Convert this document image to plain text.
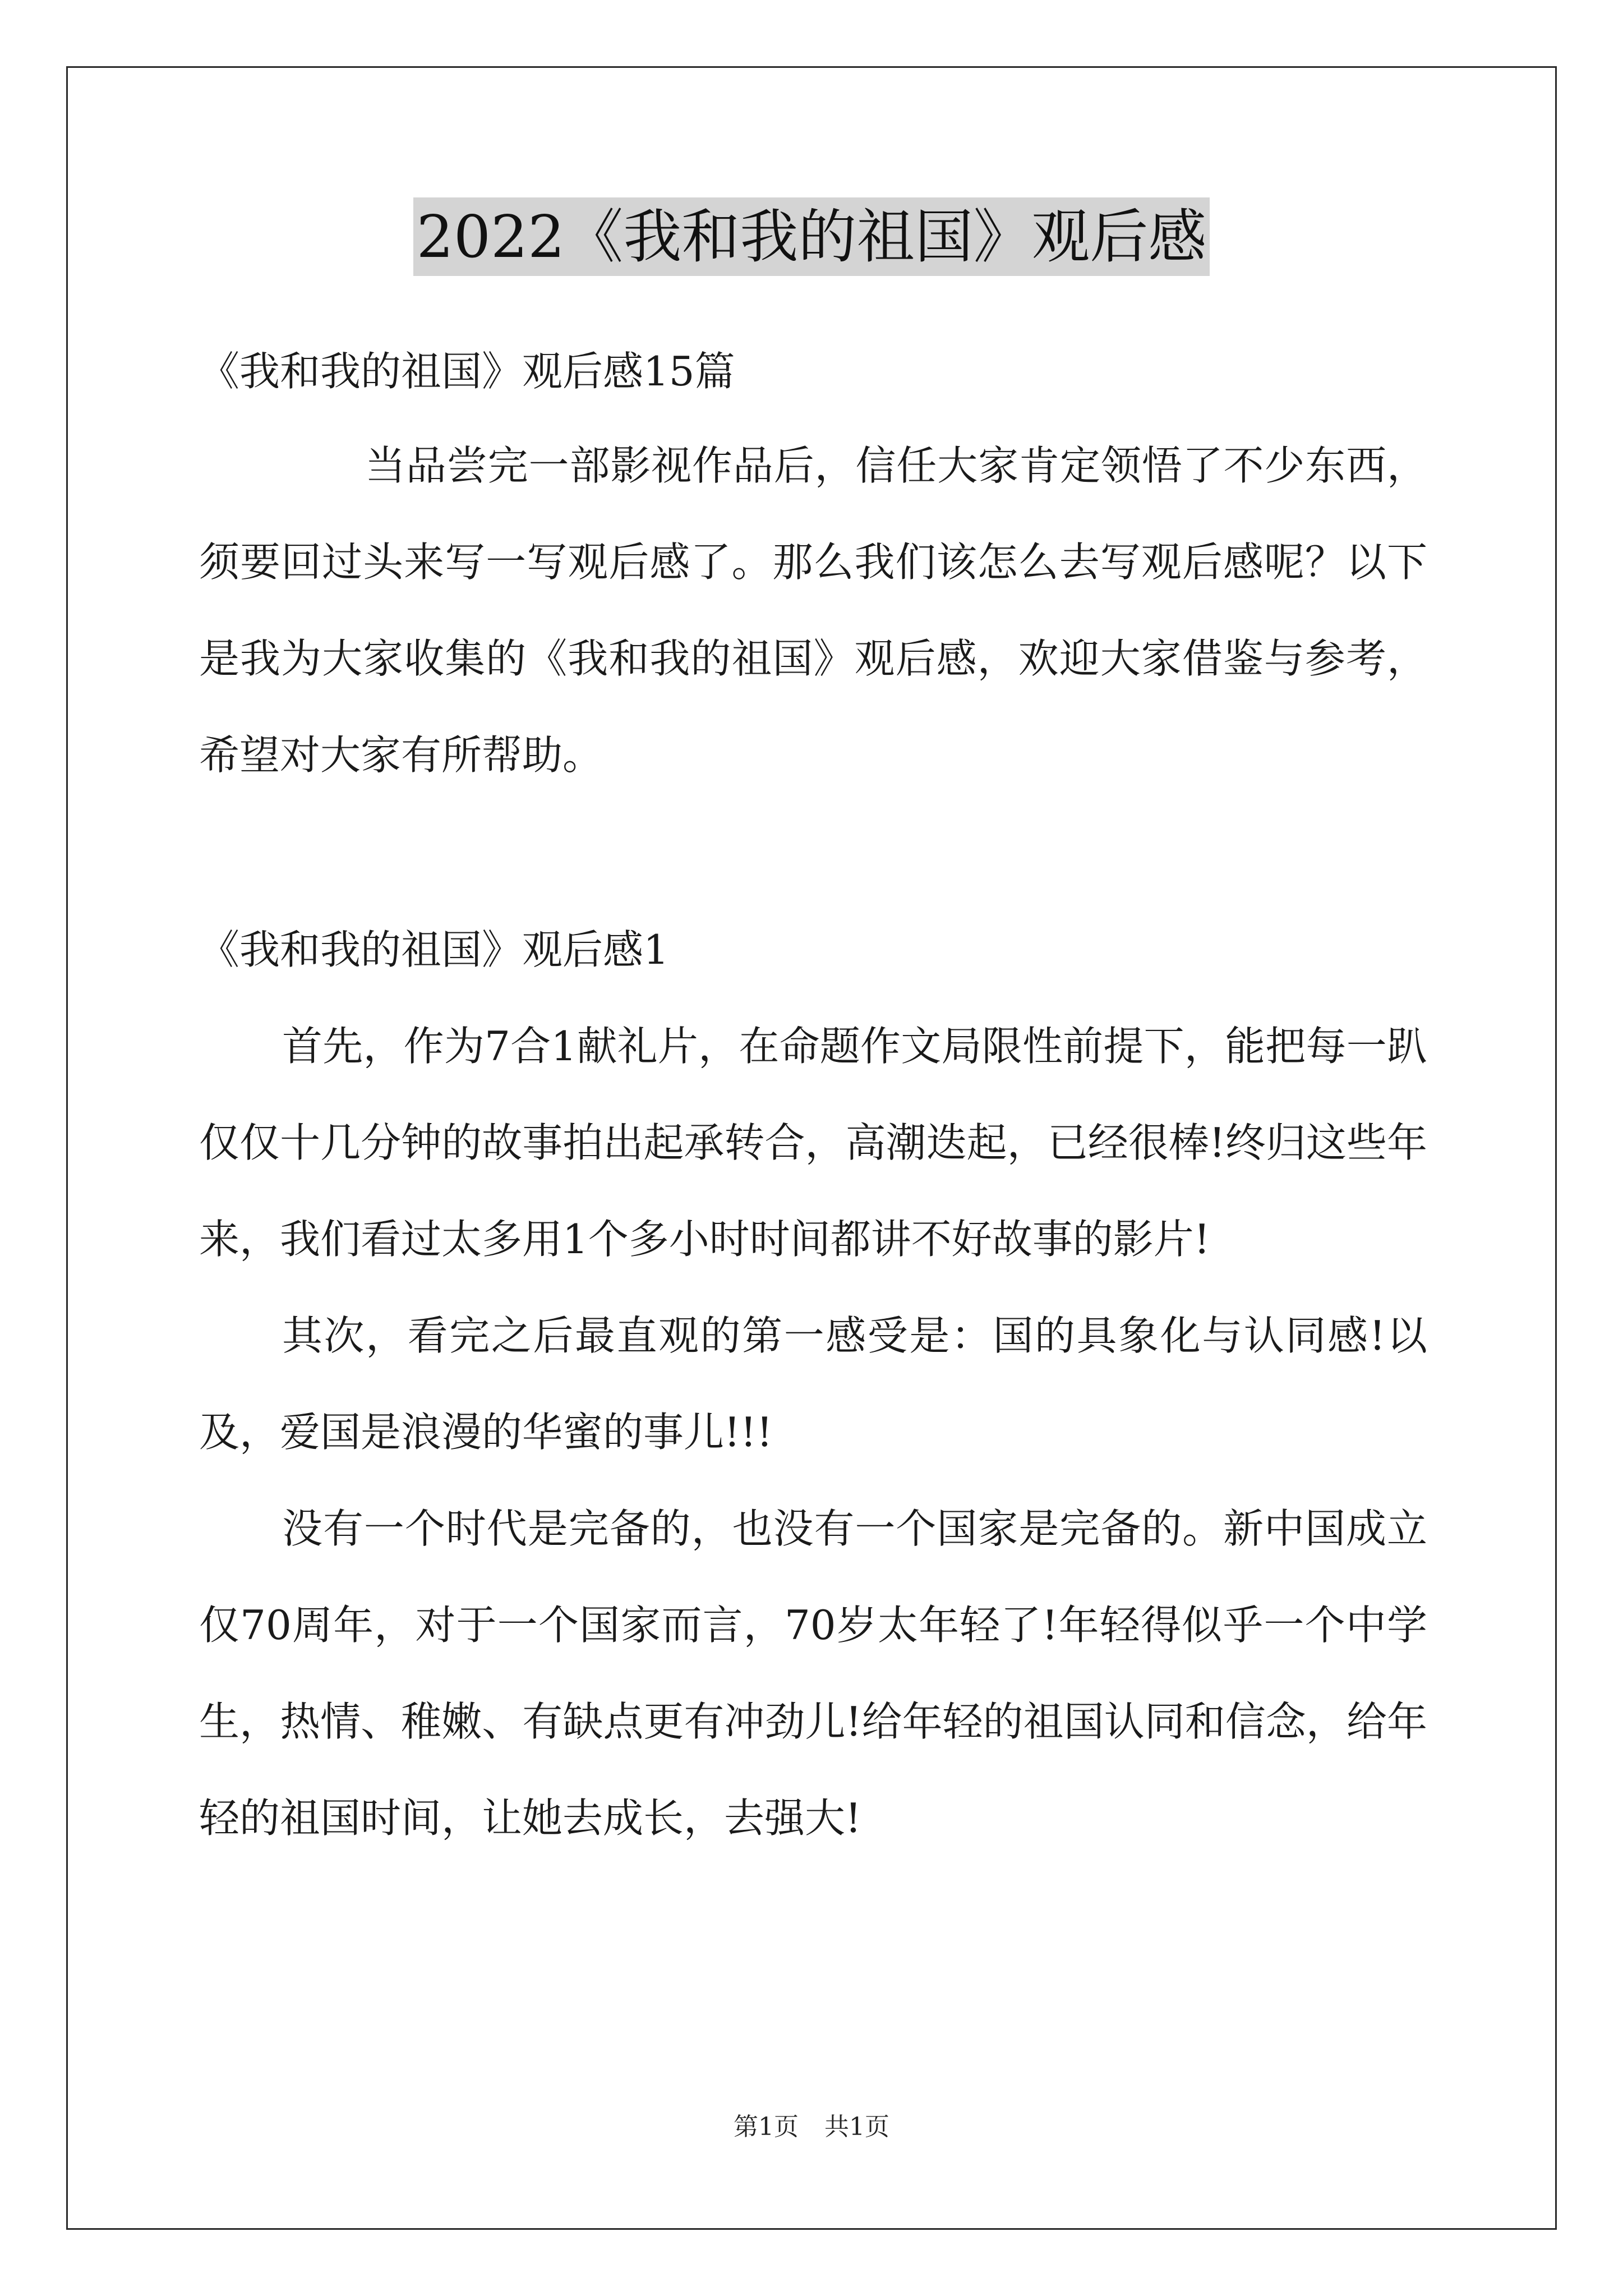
2022《我和我的祖国》观后感

《我和我的祖国》观后感15篇

当品尝完一部影视作品后，信任大家肯定领悟了不少东西，须要回过头来写一写观后感了。那么我们该怎么去写观后感呢？以下是我为大家收集的《我和我的祖国》观后感，欢迎大家借鉴与参考，希望对大家有所帮助。

《我和我的祖国》观后感1

首先，作为7合1献礼片，在命题作文局限性前提下，能把每一趴仅仅十几分钟的故事拍出起承转合，高潮迭起，已经很棒!终归这些年来，我们看过太多用1个多小时时间都讲不好故事的影片!

其次，看完之后最直观的第一感受是：国的具象化与认同感!以及，爱国是浪漫的华蜜的事儿!!!

没有一个时代是完备的，也没有一个国家是完备的。新中国成立仅70周年，对于一个国家而言，70岁太年轻了!年轻得似乎一个中学生，热情、稚嫩、有缺点更有冲劲儿!给年轻的祖国认同和信念，给年轻的祖国时间，让她去成长，去强大!

第1页 共1页
